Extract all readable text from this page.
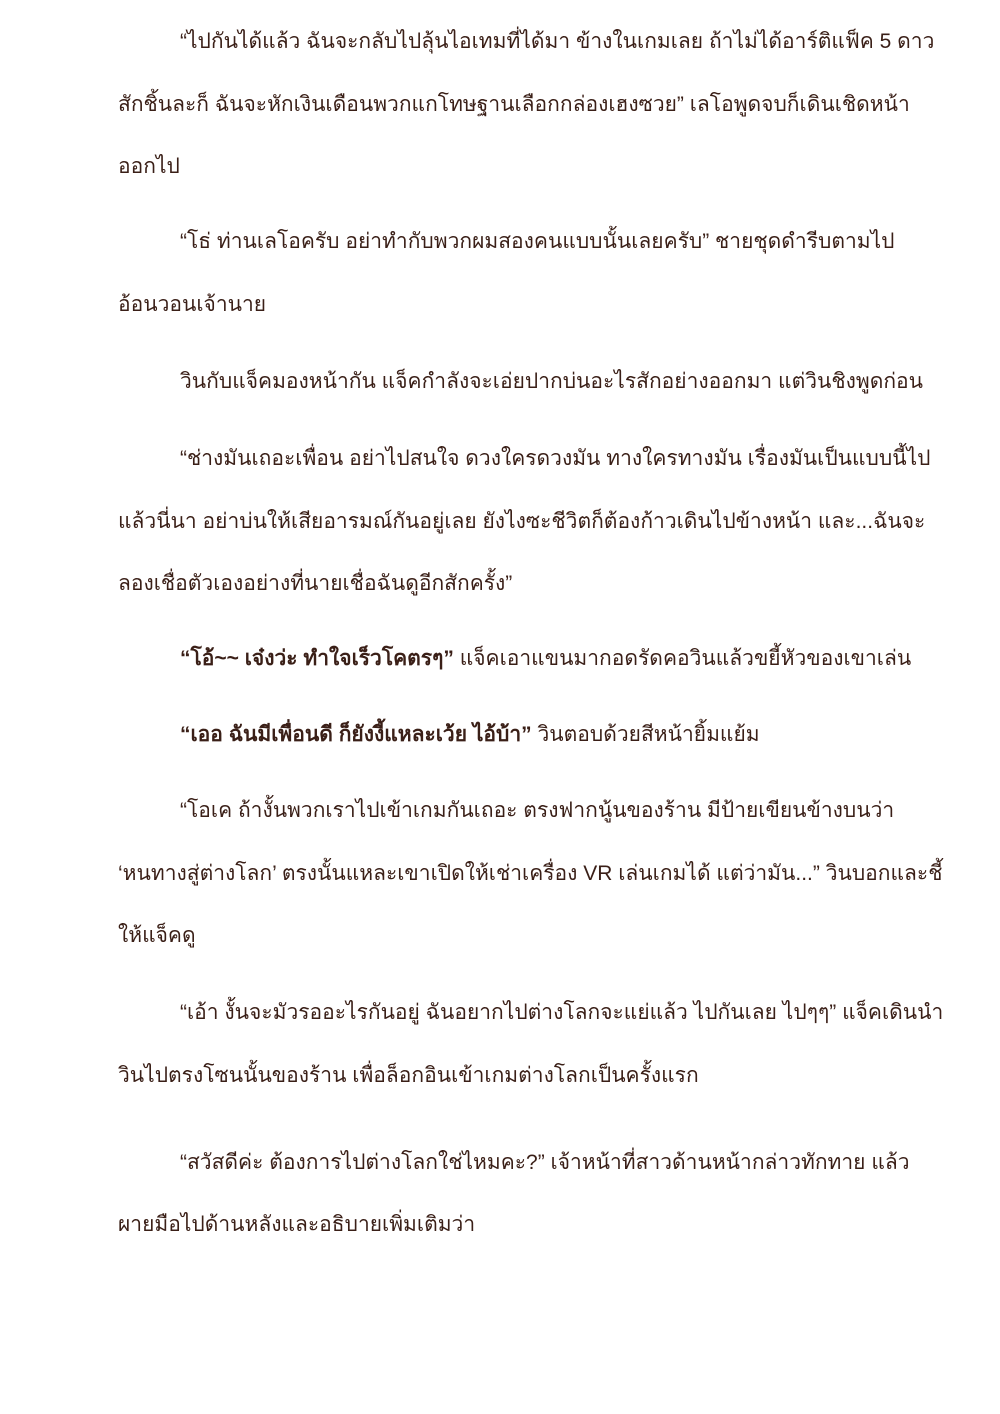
“ไปกันได้แล้ว ฉันจะกลับไปลุ้นไอเทมที่ได้มา ข้างในเกมเลย ถ้าไม่ได้อาร์ติแฟ็ค 5 ดาว

สักชิ้นละก็ ฉันจะหักเงินเดือนพวกแกโทษฐานเลือกกล่องเฮงซวย” เลโอพูดจบก็เดินเชิดหน้า

ออกไป

“โธ่ ท่านเลโอครับ อย่าทำกับพวกผมสองคนแบบนั้นเลยครับ” ชายชุดดำรีบตามไป

อ้อนวอนเจ้านาย

วินกับแจ็คมองหน้ากัน แจ็คกำลังจะเอ่ยปากบ่นอะไรสักอย่างออกมา แต่วินชิงพูดก่อน

“ช่างมันเถอะเพื่อน อย่าไปสนใจ ดวงใครดวงมัน ทางใครทางมัน เรื่องมันเป็นแบบนี้ไป

แล้วนี่นา อย่าบ่นให้เสียอารมณ์กันอยู่เลย ยังไงซะชีวิตก็ต้องก้าวเดินไปข้างหน้า และ...ฉันจะ

ลองเชื่อตัวเองอย่างที่นายเชื่อฉันดูอีกสักครั้ง”

“โอ้~~ เจ๋งว่ะ ทำใจเร็วโคตรๆ” แจ็คเอาแขนมากอดรัดคอวินแล้วขยี้หัวของเขาเล่น

“เออ ฉันมีเพื่อนดี ก็ยังงี้แหละเว้ย ไอ้บ้า” วินตอบด้วยสีหน้ายิ้มแย้ม

“โอเค ถ้างั้นพวกเราไปเข้าเกมกันเถอะ ตรงฟากนู้นของร้าน มีป้ายเขียนข้างบนว่า

‘หนทางสู่ต่างโลก’ ตรงนั้นแหละเขาเปิดให้เช่าเครื่อง VR เล่นเกมได้ แต่ว่ามัน...” วินบอกและชี้

ให้แจ็คดู

“เอ้า งั้นจะมัวรออะไรกันอยู่ ฉันอยากไปต่างโลกจะแย่แล้ว ไปกันเลย ไปๆๆ” แจ็คเดินนำ

วินไปตรงโซนนั้นของร้าน เพื่อล็อกอินเข้าเกมต่างโลกเป็นครั้งแรก

“สวัสดีค่ะ ต้องการไปต่างโลกใช่ไหมคะ?” เจ้าหน้าที่สาวด้านหน้ากล่าวทักทาย แล้ว

ผายมือไปด้านหลังและอธิบายเพิ่มเติมว่า
